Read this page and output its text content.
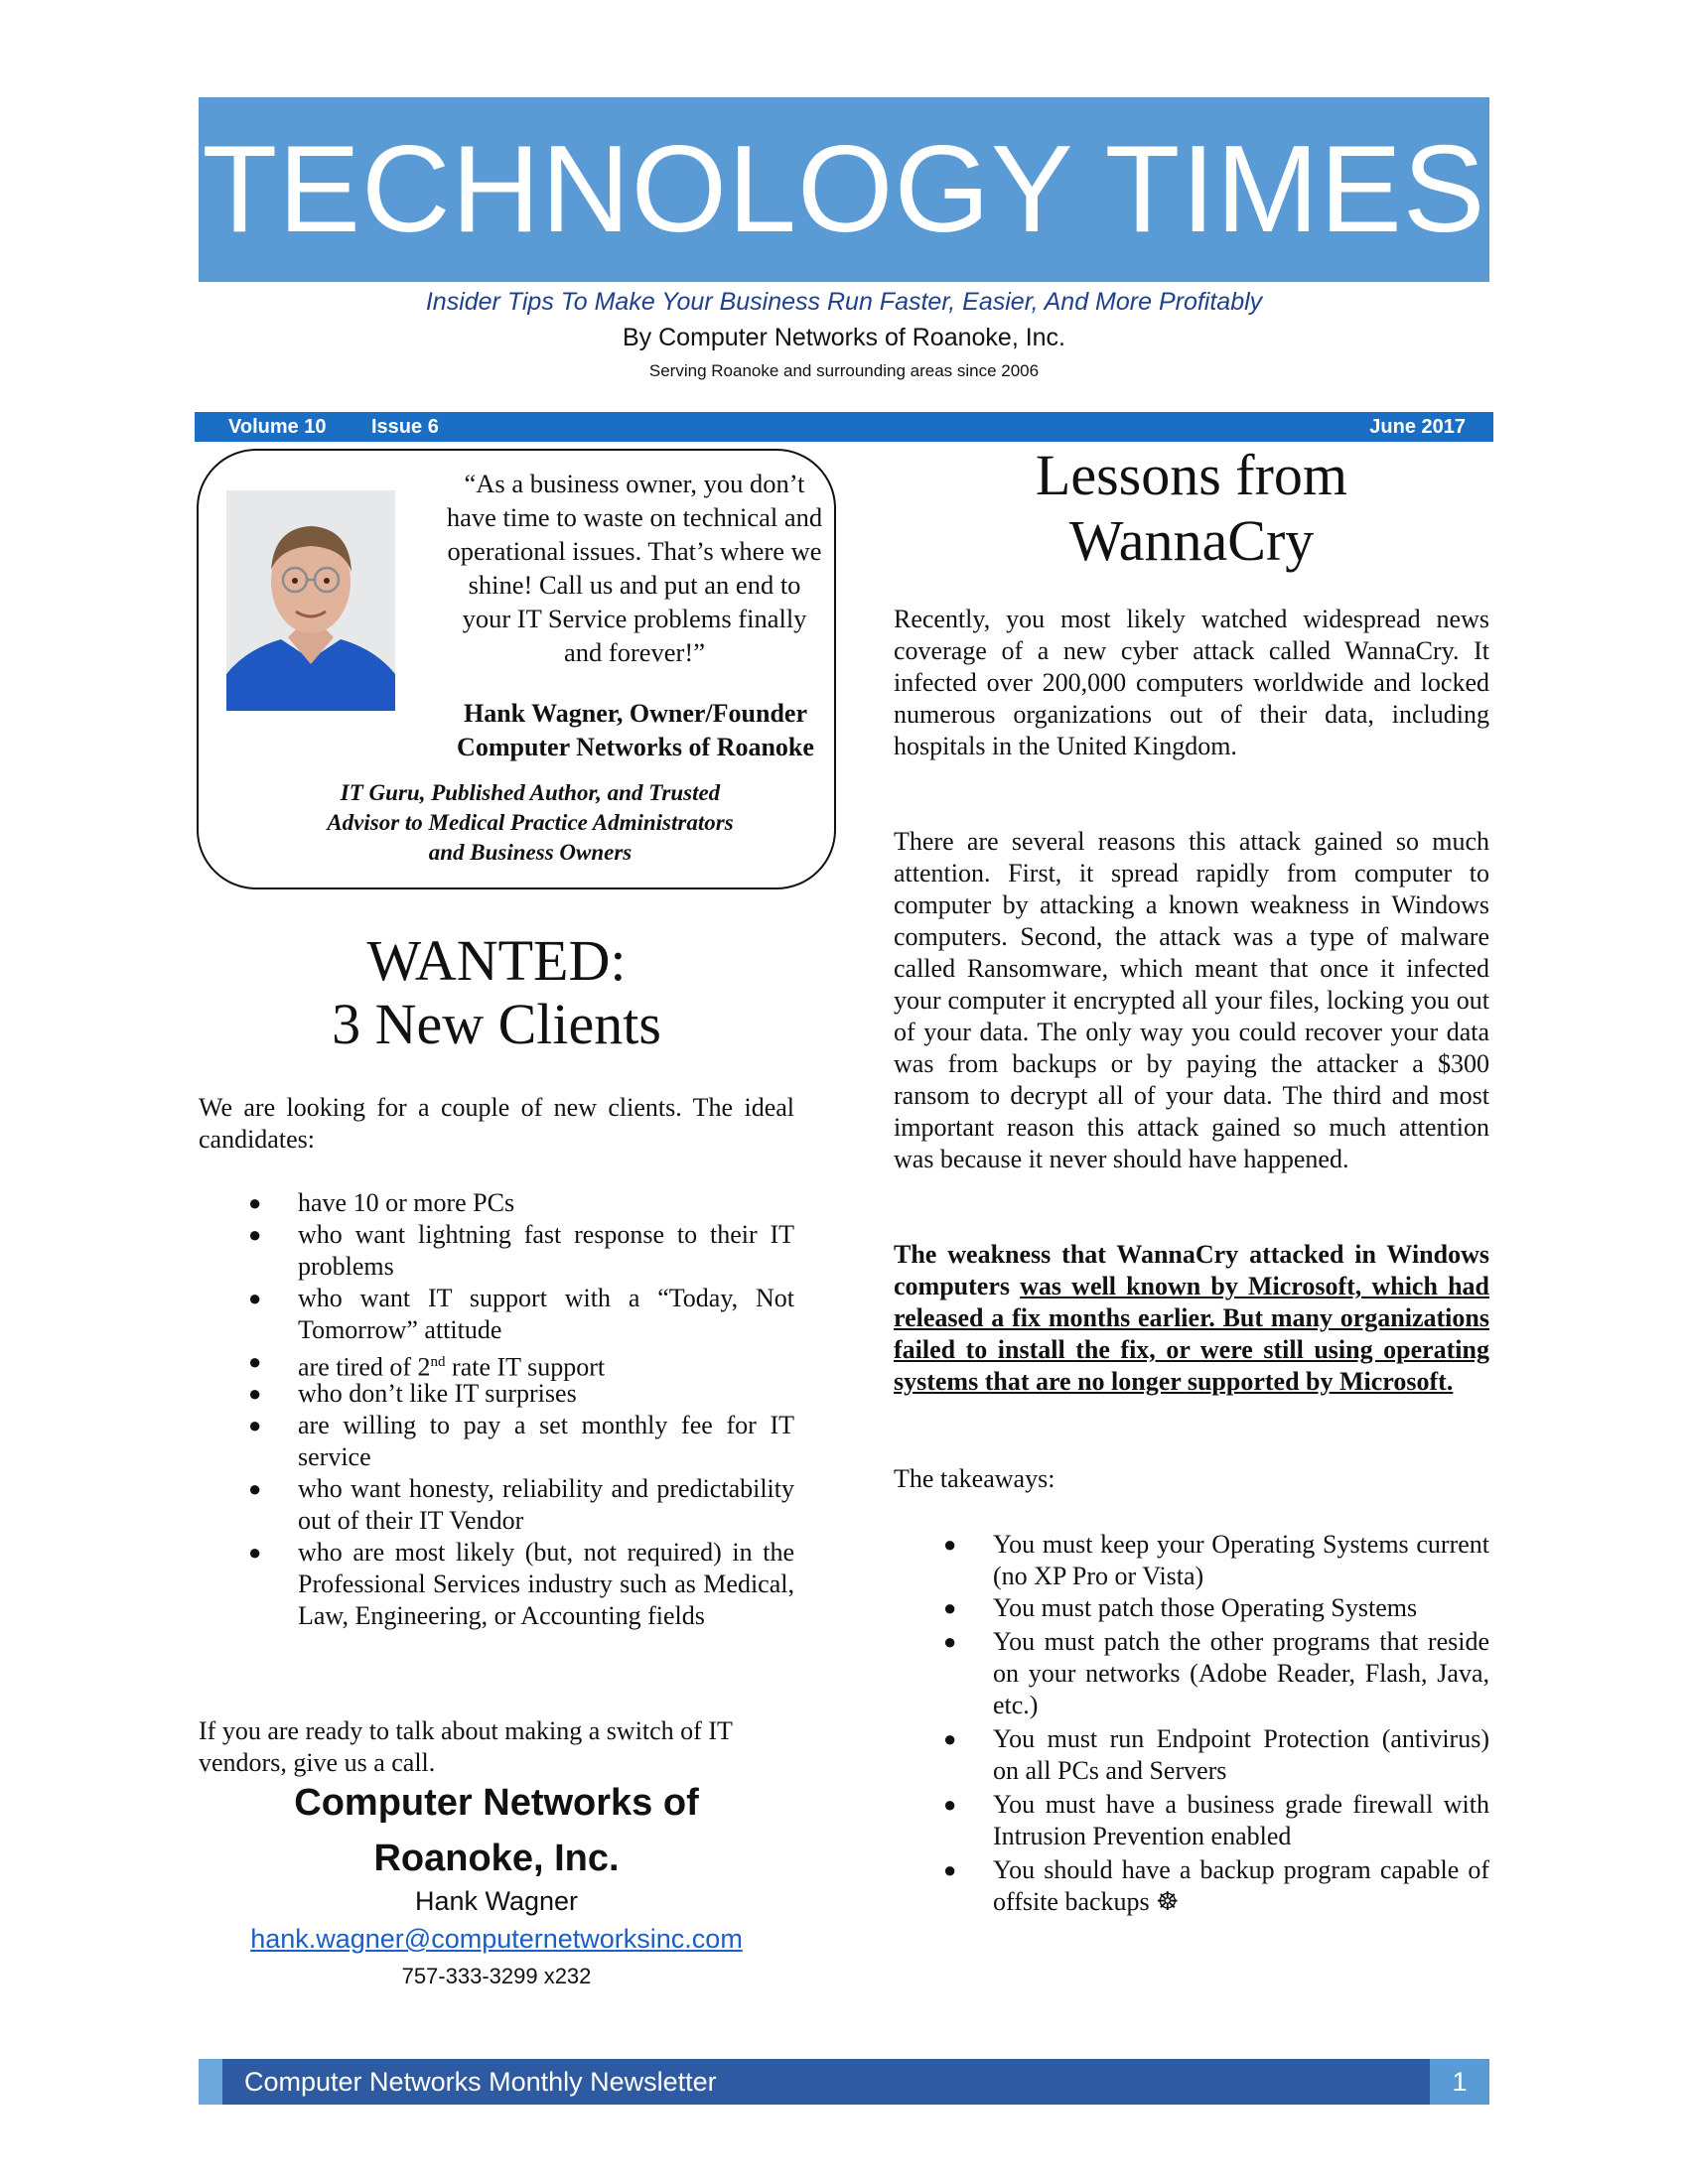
TECHNOLOGY TIMES
Insider Tips To Make Your Business Run Faster, Easier, And More Profitably
By Computer Networks of Roanoke, Inc.
Serving Roanoke and surrounding areas since 2006
Volume 10 Issue 6	June 2017
“As a business owner, you don’t
have time to waste on technical and
operational issues. That’s where we
shine! Call us and put an end to
your IT Service problems finally
and forever!”
Hank Wagner, Owner/Founder
Computer Networks of Roanoke
IT Guru, Published Author, and Trusted
Advisor to Medical Practice Administrators
and Business Owners
WANTED:
3 New Clients
We are looking for a couple of new clients. The ideal candidates:
● have 10 or more PCs
● who want lightning fast response to their IT problems
● who want IT support with a “Today, Not Tomorrow” attitude
● are tired of 2nd rate IT support
● who don’t like IT surprises
● are willing to pay a set monthly fee for IT service
● who want honesty, reliability and predictability out of their IT Vendor
● who are most likely (but, not required) in the Professional Services industry such as Medical, Law, Engineering, or Accounting fields
If you are ready to talk about making a switch of IT vendors, give us a call.
Computer Networks of
Roanoke, Inc.
Hank Wagner
hank.wagner@computernetworksinc.com
757-333-3299 x232
Lessons from
WannaCry
Recently, you most likely watched widespread news coverage of a new cyber attack called WannaCry. It infected over 200,000 computers worldwide and locked numerous organizations out of their data, including hospitals in the United Kingdom.
There are several reasons this attack gained so much attention. First, it spread rapidly from computer to computer by attacking a known weakness in Windows computers. Second, the attack was a type of malware called Ransomware, which meant that once it infected your computer it encrypted all your files, locking you out of your data. The only way you could recover your data was from backups or by paying the attacker a $300 ransom to decrypt all of your data. The third and most important reason this attack gained so much attention was because it never should have happened.
The weakness that WannaCry attacked in Windows computers was well known by Microsoft, which had released a fix months earlier. But many organizations failed to install the fix, or were still using operating systems that are no longer supported by Microsoft.
The takeaways:
● You must keep your Operating Systems current (no XP Pro or Vista)
● You must patch those Operating Systems
● You must patch the other programs that reside on your networks (Adobe Reader, Flash, Java, etc.)
● You must run Endpoint Protection (antivirus) on all PCs and Servers
● You must have a business grade firewall with Intrusion Prevention enabled
● You should have a backup program capable of offsite backups ☸
Computer Networks Monthly Newsletter	1
